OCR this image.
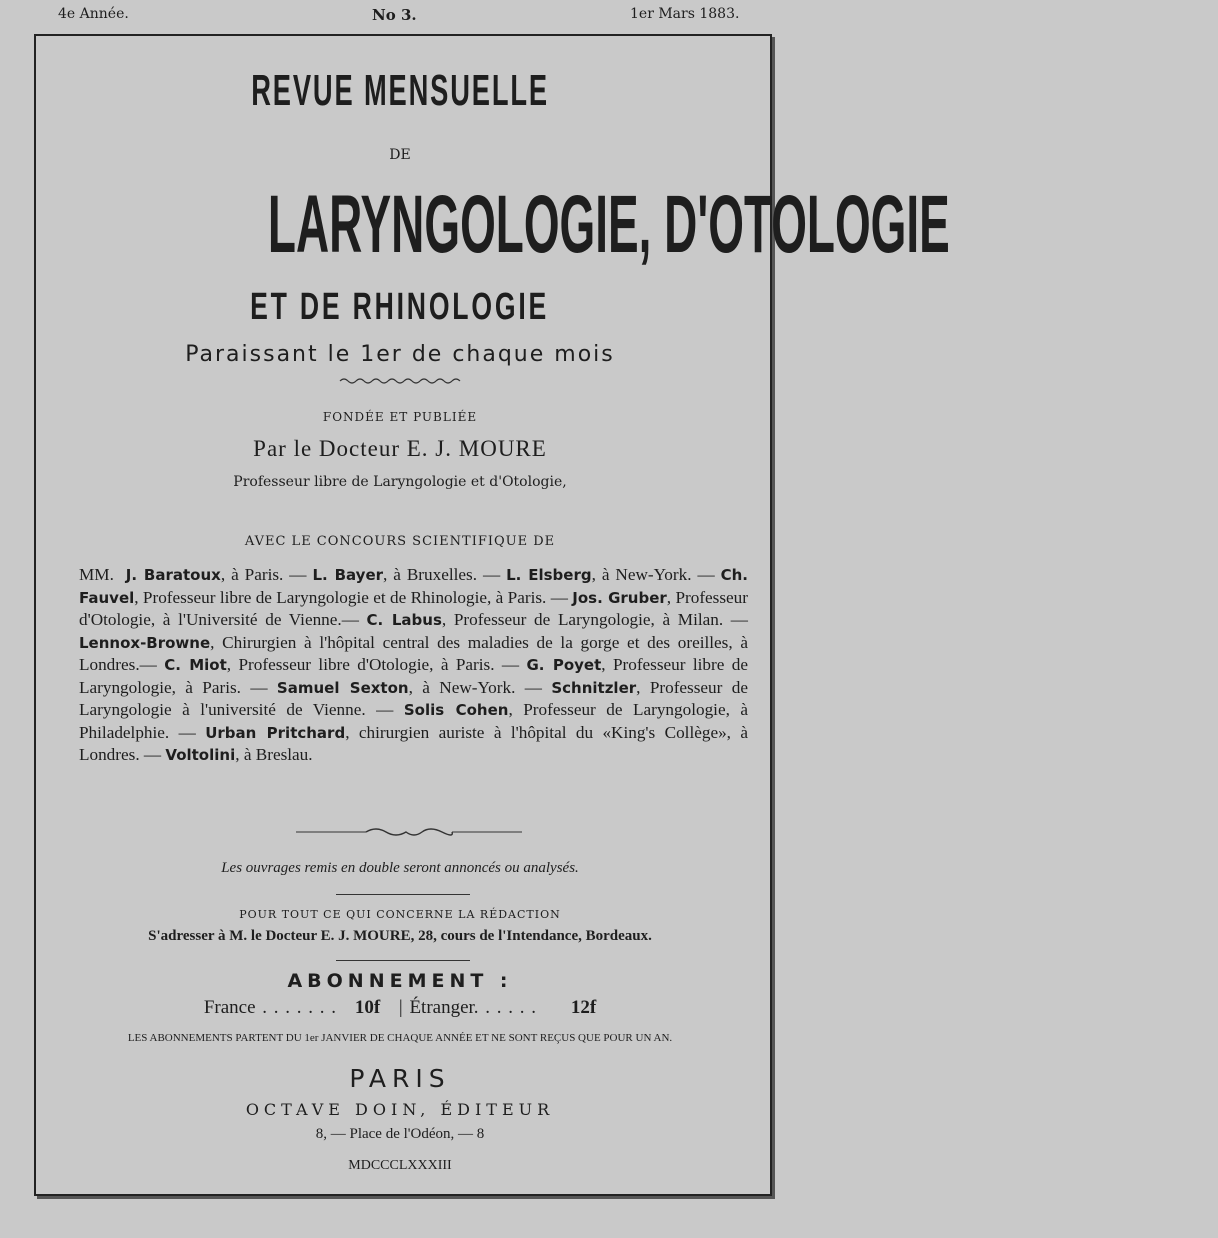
4e Année.	No 3.	1er Mars 1883.
REVUE MENSUELLE
DE
LARYNGOLOGIE, D'OTOLOGIE
ET DE RHINOLOGIE
Paraissant le 1er de chaque mois
FONDÉE ET PUBLIÉE
Par le Docteur E. J. MOURE
Professeur libre de Laryngologie et d'Otologie,
AVEC LE CONCOURS SCIENTIFIQUE DE
MM. J. Baratoux, à Paris. — L. Bayer, à Bruxelles. — L. Elsberg, à New-York. — Ch. Fauvel, Professeur libre de Laryngologie et de Rhinologie, à Paris. — Jos. Gruber, Professeur d'Otologie, à l'Université de Vienne.— C. Labus, Professeur de Laryngologie, à Milan. — Lennox-Browne, Chirurgien à l'hôpital central des maladies de la gorge et des oreilles, à Londres.— C. Miot, Professeur libre d'Otologie, à Paris. — G. Poyet, Professeur libre de Laryngologie, à Paris. — Samuel Sexton, à New-York. — Schnitzler, Professeur de Laryngologie à l'université de Vienne. — Solis Cohen, Professeur de Laryngologie, à Philadelphie. — Urban Pritchard, chirurgien auriste à l'hôpital du «King's Collège», à Londres. — Voltolini, à Breslau.
Les ouvrages remis en double seront annoncés ou analysés.
POUR TOUT CE QUI CONCERNE LA RÉDACTION
S'adresser à M. le Docteur E. J. MOURE, 28, cours de l'Intendance, Bordeaux.
ABONNEMENT :
France . . . . . . . 10f | Étranger. . . . . . 12f
LES ABONNEMENTS PARTENT DU 1er JANVIER DE CHAQUE ANNÉE ET NE SONT REÇUS QUE POUR UN AN.
PARIS
OCTAVE DOIN, ÉDITEUR
8, — Place de l'Odéon, — 8
MDCCCLXXXIII
